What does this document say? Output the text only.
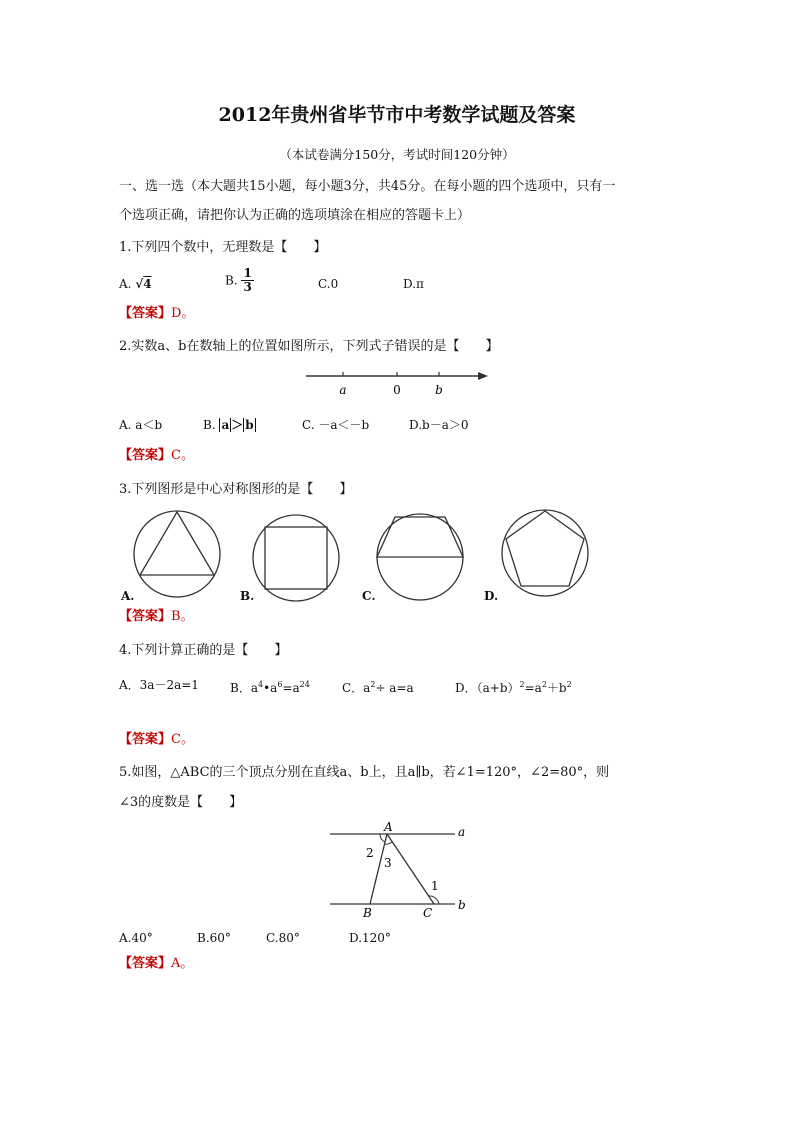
2012年贵州省毕节市中考数学试题及答案
（本试卷满分150分，考试时间120分钟）
一、选一选（本大题共15小题，每小题3分，共45分。在每小题的四个选项中，只有一
个选项正确，请把你认为正确的选项填涂在相应的答题卡上）
1.下列四个数中，无理数是【　　】
A. √4	B. $\frac{1}{3}$	C.0	D.π
【答案】D。
2.实数a、b在数轴上的位置如图所示，下列式子错误的是【　　】
a	0	b
A. a＜b	B. a ＞ b	C. －a＜－b	D.b－a＞0
【答案】C。
3.下列图形是中心对称图形的是【　　】
A.	B.	C.	D.
【答案】B。
4.下列计算正确的是【　　】
A．3a－2a=1	B．$a^4•a^6=a^{24}$	C．$a^2\div a=a$	D．$(a+b)^2=a^2+b^2$
【答案】C。
5.如图，△ABC的三个顶点分别在直线a、b上，且a∥b，若∠1=120°，∠2=80°，则
∠3的度数是【　　】
A
B	C
a
b
1
2
3
A.40°	B.60°	C.80°	D.120°
【答案】A。
